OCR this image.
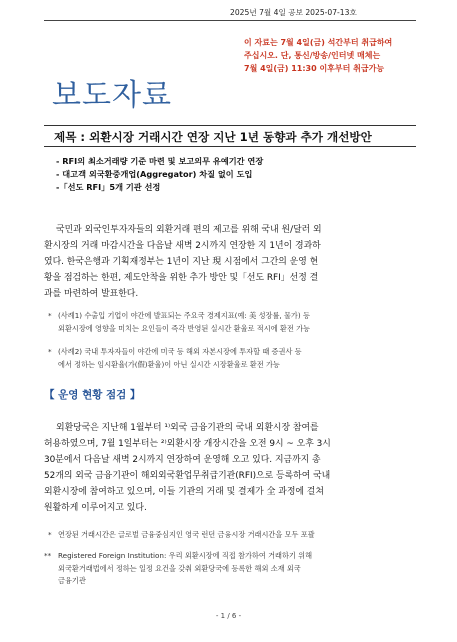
2025년 7월 4일 공보 2025-07-13호
보도자료
이 자료는 7월 4일(금) 석간부터 취급하여
주십시오. 단, 통신/방송/인터넷 매체는
7월 4일(금) 11:30 이후부터 취급가능
제목 : 외환시장 거래시간 연장 지난 1년 동향과 추가 개선방안
- RFI의 최소거래량 기준 마련 및 보고의무 유예기간 연장
- 대고객 외국환중개업(Aggregator) 차질 없이 도입
-「선도 RFI」5개 기관 선정
국민과 외국인투자자들의 외환거래 편의 제고를 위해 국내 원/달러 외
환시장의 거래 마감시간을 다음날 새벽 2시까지 연장한 지 1년이 경과하
였다. 한국은행과 기획재정부는 1년이 지난 現 시점에서 그간의 운영 현
황을 점검하는 한편, 제도안착을 위한 추가 방안 및「선도 RFI」선정 결
과를 마련하여 발표한다.
* (사례1) 수출입 기업이 야간에 발표되는 주요국 경제지표(예: 美 성장률, 물가) 등
외환시장에 영향을 미치는 요인들이 즉각 반영된 실시간 환율로 적시에 환전 가능
* (사례2) 국내 투자자들이 야간에 미국 등 해외 자본시장에 투자할 때 증권사 등
에서 정하는 임시환율(가(假)환율)이 아닌 실시간 시장환율로 환전 가능
【 운영 현황 점검 】
외환당국은 지난해 1월부터 ¹⁾외국 금융기관의 국내 외환시장 참여를
허용하였으며, 7월 1일부터는 ²⁾외환시장 개장시간을 오전 9시 ~ 오후 3시
30분에서 다음날 새벽 2시까지 연장하여 운영해 오고 있다. 지금까지 총
52개의 외국 금융기관이 해외외국환업무취급기관(RFI)으로 등록하여 국내
외환시장에 참여하고 있으며, 이들 기관의 거래 및 결제가 全 과정에 걸쳐
원활하게 이루어지고 있다.
* 연장된 거래시간은 글로벌 금융중심지인 영국 런던 금융시장 거래시간을 모두 포괄
** Registered Foreign Institution: 우리 외환시장에 직접 참가하여 거래하기 위해
외국환거래법에서 정하는 일정 요건을 갖춰 외환당국에 등록한 해외 소재 외국
금융기관
- 1 / 6 -
